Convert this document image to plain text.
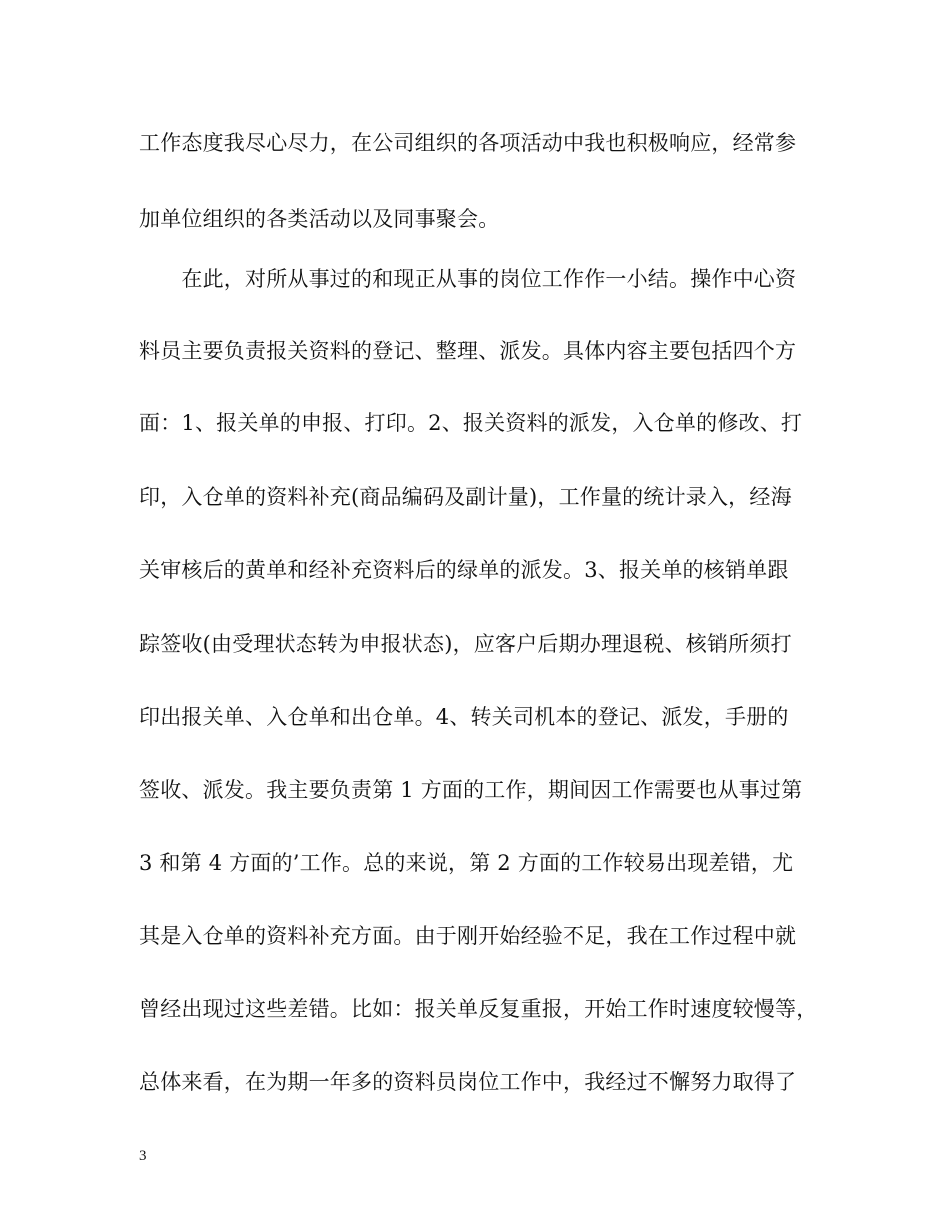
工作态度我尽心尽力，在公司组织的各项活动中我也积极响应，经常参
加单位组织的各类活动以及同事聚会。
　　在此，对所从事过的和现正从事的岗位工作作一小结。操作中心资
料员主要负责报关资料的登记、整理、派发。具体内容主要包括四个方
面：1、报关单的申报、打印。2、报关资料的派发，入仓单的修改、打
印，入仓单的资料补充(商品编码及副计量)，工作量的统计录入，经海
关审核后的黄单和经补充资料后的绿单的派发。3、报关单的核销单跟
踪签收(由受理状态转为申报状态)，应客户后期办理退税、核销所须打
印出报关单、入仓单和出仓单。4、转关司机本的登记、派发，手册的
签收、派发。我主要负责第 1 方面的工作，期间因工作需要也从事过第
3 和第 4 方面的’工作。总的来说，第 2 方面的工作较易出现差错，尤
其是入仓单的资料补充方面。由于刚开始经验不足，我在工作过程中就
曾经出现过这些差错。比如：报关单反复重报，开始工作时速度较慢等，
总体来看，在为期一年多的资料员岗位工作中，我经过不懈努力取得了
3
